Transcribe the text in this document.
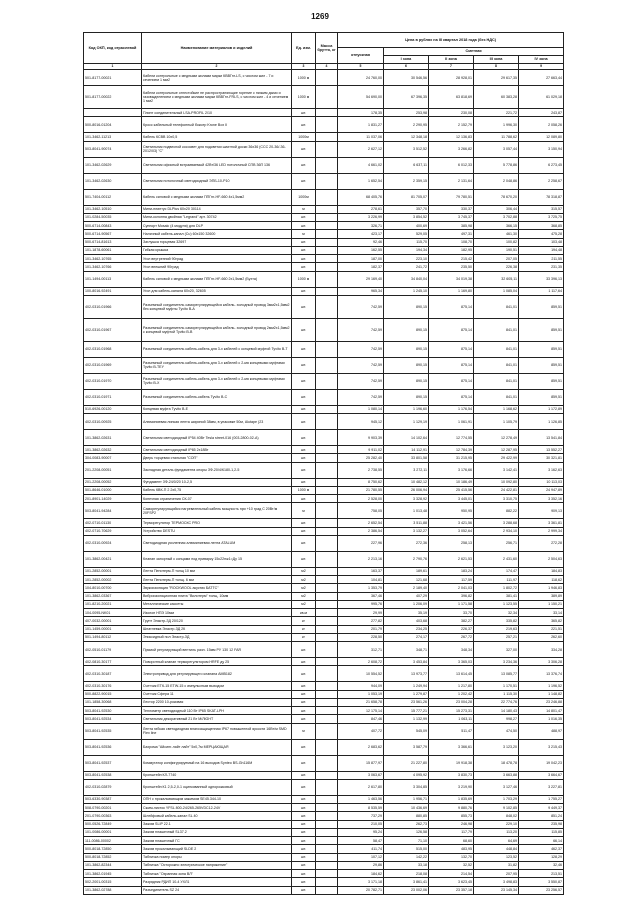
1269
Код ОКП, код отраслевой	Наименование материалов и изделий	Ед. изм.	Масса брутто, кг	Цена в рублях на III квартал 2018 года (без НДС)				
				отпускная	Сметная			
					I зона	II зона	III зона	IV зона
1	2	3	4	5	6	7	8	9
501-8177-00021	Кабели контрольные с медными жилами марки КВВГнг-LS, с числом жил - 7 и сечением 1 мм2	1000 м		24 760,00	30 546,56	28 928,01	29 617,35	27 663,44
501-8177-00022	Кабели контрольные огнестойкие не распространяющие горение с низким дымо и газовыделением с медными жилами марки КВВГнг-FRLS, с числом жил - 4 и сечением 1 мм2	1000 м		54 690,00	67 396,35	63 818,69	60 383,28	61 029,18
	Плинт соединительный LSA-PROFIL 2/10	шт.		178,35	253,98	230,08	221,72	243,87
500-8016-01204	Кросс кабельный телефонный боксер Krone Box II	шт.		1 831,27	2 290,95	2 152,79	1 996,30	2 058,26
101-3462-11213	Кабель КСВВ 10х0,5	1000м		11 037,06	12 348,18	12 136,83	11 788,62	12 089,80
503-8041-90074	Светильник подвесной кососвет для подсветки шахтной доски 36х36 (ССС 20-36/-36-2012/03) "С"	шт.		2 627,12	3 512,52	3 266,82	3 057,44	3 150,94
101-3462-02629	Светильник офисный встраиваемый 42Вт/36 LED потолочный СПВ 36П 136	шт.		4 661,02	6 637,11	6 012,33	5 778,86	6 273,45
101-3462-02630	Светильник потолочный светодиодный ЭПБ-10-Р10	шт.		1 652,54	2 359,15	2 131,64	2 048,86	2 258,67
501-7404-00112	Кабель силовой с медными жилами ППГнг-HF-660 4х1,5мм2	1000м		68 405,76	81 705,07	79 780,51	78 670,20	78 318,87
101-3462-10510	Мини-плинтус DLPlus 60х20 30114	м		278,61	357,70	330,37	306,44	315,57
101-0284-50035	Мини-колонна двойная "Legrand" арт. 30742	шт.		3 226,99	3 854,52	3 745,37	3 702,88	3 725,75
500-6714-00843	Суппорт Mosaic (4 модуля) для DLP	шт.		326,71	400,69	385,98	366,15	368,85
500-6714-90567	Наличный кабель-канал (Cu) 60х150 32600	м		423,17	529,05	497,31	461,30	475,28
500-6714-81613	Заглушка торцевая 32697	шт.		92,46	115,70	108,70	100,82	103,48
101-1878-60061	Гибкая крышка	шт.		162,55	194,34	182,95	190,51	194,48
101-3462-10765	Угол внутренний 90град	шт.		187,00	223,10	215,42	207,05	211,55
101-3462-10766	Угол внешний 90град	шт.		182,37	241,72	235,50	226,38	231,35
101-1494-00113	Кабель силовой с медными жилами ППГнг-HF-660 2х1,5мм2 (Бухта)	1000 м		29 169,40	34 840,04	34 019,38	32 605,11	33 396,13
100-8016-92491	Угол для кабель-канала 60х20, 32605	шт.		965,34	1 245,10	1 169,80	1 085,04	1 117,64
402-0310-01966	Разъемный соединитель саморегулирующейся кабель- холодный провод 3мм2х1,5мм2 без концевой муфты Tyvito B-A	шт.		742,59	890,15	875,14	841,01	859,51
402-0310-01967	Разъемный соединитель саморегулирующейся кабель- холодный провод 2мм2х1,5мм2 с концевой муфтой Tyvito B-B	шт.		742,59	890,15	875,14	841,01	859,51
402-0310-01968	Разъемный соединитель кабель-кабель для 3-х кабелей с концевой муфтой Tyvito B-T	шт.		742,59	890,15	875,14	841,01	859,51
402-0310-01969	Разъемный соединитель кабель-кабель для 3-х кабелей с 2-мя концевыми муфтами Tyvito B-TEY	шт.		742,59	890,15	875,14	841,01	859,51
402-0310-01970	Разъемный соединитель кабель-кабель для 3-х кабелей с 2-мя концевыми муфтами Tyvito B-X	шт.		742,59	890,15	875,14	841,01	859,51
402-0310-01971	Разъемный соединитель кабель-кабель Tyvito B-C	шт.		742,59	890,15	875,14	841,01	859,51
510-6926-00120	Концевая муфта Tyvito B-E	шт.		1 080,14	1 196,60	1 176,54	1 168,62	1 172,89
402-0310-00925	Алюминиевая липкая лента шириной 38мм, в упаковке 50м, Alutape (23	шт.		945,12	1 129,19	1 061,91	1 105,79	1 126,85
101-3862-02631	Светильник светодиодный IP54 40Вт Tesla street-016 (003-2800-02-А)	шт.		9 903,39	14 102,64	12 774,55	12 278,49	13 541,84
101-3862-02632	Светильник светодиодный IP65 2х18Вт	шт.		9 911,02	14 112,91	12 784,39	12 287,95	13 552,27
304-0083-90007	Дверь торцевая стальная "СОП"	шт.		25 282,40	33 801,58	31 215,95	29 422,99	30 321,81
201-2208-00051	Закладная деталь фундамента опоры ЗФ-20/4/К180-1,2-5	шт.		2 738,55	3 272,11	3 176,66	3 142,41	3 162,63
201-2208-00052	Фундамент ЗФ-24/0/20 10-2,5	шт.		8 750,62	10 482,12	10 186,49	10 092,80	10 113,03
501-8646-01000	Кабель КВК-П 2 2х0,75	1000 м		21 780,55	26 006,94	25 415,56	24 422,81	24 947,89
201-8901-14029	Конечная ограничения СК-07	шт.		2 528,00	3 328,92	3 445,01	3 310,75	3 352,16
503-8041-94284	Саморегулирующийся нагревательный кабель мощность при +10 град С 20Вт/м 20FSP2	м		758,05	1 013,48	950,95	882,22	909,13
402-0710-01130	Терморегулятор ТЕРМОСКС PRO	шт.		2 652,54	3 511,88	3 421,56	3 288,68	3 361,81
402-0710-70629	Устройство DESTU	шт.		2 386,54	3 132,27	3 052,64	2 934,10	2 999,34
402-0310-00924	Светодиодная усиленная алюминиевая лента ATALUM	шт.		227,96	272,36	258,13	256,71	272,28
101-3862-00421	Клапан запорный с концами под приварку 15с22нж1=Ду 15	шт.		2 213,16	2 790,76	2 621,53	2 431,60	2 504,63
101-2852-00001	Лента Пенотерм-П толщ 10 мм	м2		163,37	189,61	183,24	174,47	184,83
101-2852-00002	Лента Пенотерм-П толщ. 6 мм	м2		104,81	121,68	117,59	111,97	118,62
104-8010-00700	Звукоизоляция "ROCKWOOL акустик БАТТС"	м2		1 353,79	2 189,40	2 041,03	1 802,72	1 946,83
101-3862-03367	Виброизоляционная плита "Вилотерм" толщ. 10мм	м2		367,46	407,29	396,82	381,41	389,89
101-8210-20021	Металлические кассеты	м2		995,76	1 206,09	1 171,58	1 123,55	1 150,21
104-0095-NK01	Изолон НПЭ 10мм	кв.м		29,99	35,19	33,70	32,34	33,14
407-0032-00001	Грунт Эластр-ЗД 20/120	кг		277,82	403,68	382,27	335,82	365,82
101-1459-00001	Шпатлевка Эластр-ЗД 2К	кг		201,79	234,25	226,37	219,63	221,51
501-1494-80112	Эпоксидный пол Эластр-ЗД	кг		228,50	274,17	267,72	257,21	262,60
402-0510-01179	Прямой регулирующий вентиль разн. 15мм РУ 130 12 FAR	шт.		312,71	348,71	348,34	327,00	334,28
402-0810-30177	Поворотный клапан терморегулятором HRFE ду 25	шт.		2 608,72	3 453,84	3 365,03	3 234,36	3 306,28
402-0310-30187	Электропривод для регулирующего клапана AMB182	шт.		10 554,52	13 973,77	13 614,45	13 085,77	13 376,74
402-0310-30176	Счетчик ЕТК-15 ЕТW-15 с импульсным выходом	шт.		944,09	1 249,94	1 217,80	1 170,51	1 196,52
500-8822-90015	Счетчик Сфера 11	шт.		1 053,19	1 279,87	1 202,42	1 115,30	1 148,82
101-1858-30068	Лестор 2200 10-роковая	шт.		21 658,78	23 561,26	23 004,28	22 774,76	23 246,88
503-8041-92530	Теплометр светодиодный 110 Вт IP65 SKAT-LPH	шт.		12 175,14	15 777,21	15 273,31	14 180,43	14 801,47
503-8041-92534	Светильник декоративный 21 Вт М/ЛIGHT	шт.		847,46	1 132,99	1 063,11	998,27	1 016,35
503-8041-92535	Лента гибкая светодиодная влагозащищенная IP67 повышенной яркости 16Вт/м SMD Flex line	м		407,72	545,09	511,47	474,50	488,97
503-8041-92536	Бахрома "Айсинг-лайт лайт" 5х0,7м МЕРЦАЮЩАЯ	шт.		2 683,62	3 587,79	3 366,61	3 123,20	3 215,43
503-8041-92537	Коммутатор конфигурируемый на 16 выходов Synteo BS-Gh116M	шт.		15 877,97	21 227,80	19 918,38	18 478,78	19 042,23
503-8041-92538	Кронштейн КЛ-7740	шт.		3 063,67	4 095,92	3 830,73	3 663,88	3 664,67
402-0310-02879	Кронштейн К1 2,5-2,0-1 оцинкованный однорожковый	шт.		2 617,80	3 304,85	3 219,90	3 127,46	3 227,81
503-6330-90387	ОПН с прокалывающим зажимом SE45.344-10	шт.		1 463,56	1 956,71	1 835,69	1 703,29	1 755,27
508-0790-00201	Сжим-листок YFSL 800-24/265-265VDC12-24V	шт.		8 535,59	10 436,69	9 880,76	9 102,85	9 449,37
201-0790-00363	Шлейфовый кабель-канал SL 40	шт.		737,29	880,85	855,73	848,02	851,24
500-0526-72849	Зажим SLIP 22.1	шт.		210,05	262,73	246,98	229,10	235,98
101-0086-00001	Зажим плашечный SL37.2	шт.		95,24	126,58	117,79	113,20	115,85
111-0086-00002	Зажим плашечный ГС	шт.		58,47	71,10	68,60	64,69	66,14
500-8018-72850	Зажим прокалывающий SLDE 2	шт.		411,74	515,00	483,95	448,84	462,37
500-8018-72852	Табличка номер опоры	шт.		107,12	142,22	132,70	123,52	128,29
101-3862-82344	Табличка "Осторожно электрическое напряжение"	шт.		29,86	33,18	32,52	31,82	32,46
101-3862-01945	Табличка "Охранная зона ВЛ"	шт.		184,62	218,08	214,54	207,95	213,51
502-2001-00315	Разрядник РДИП 10-4 УХЛ1	шт.		3 171,18	3 861,41	3 623,45	3 498,83	3 550,87
101-3862-02788	Разъединитель SZ 24	шт.		20 782,71	23 002,06	23 357,18	23 145,34	23 256,57
